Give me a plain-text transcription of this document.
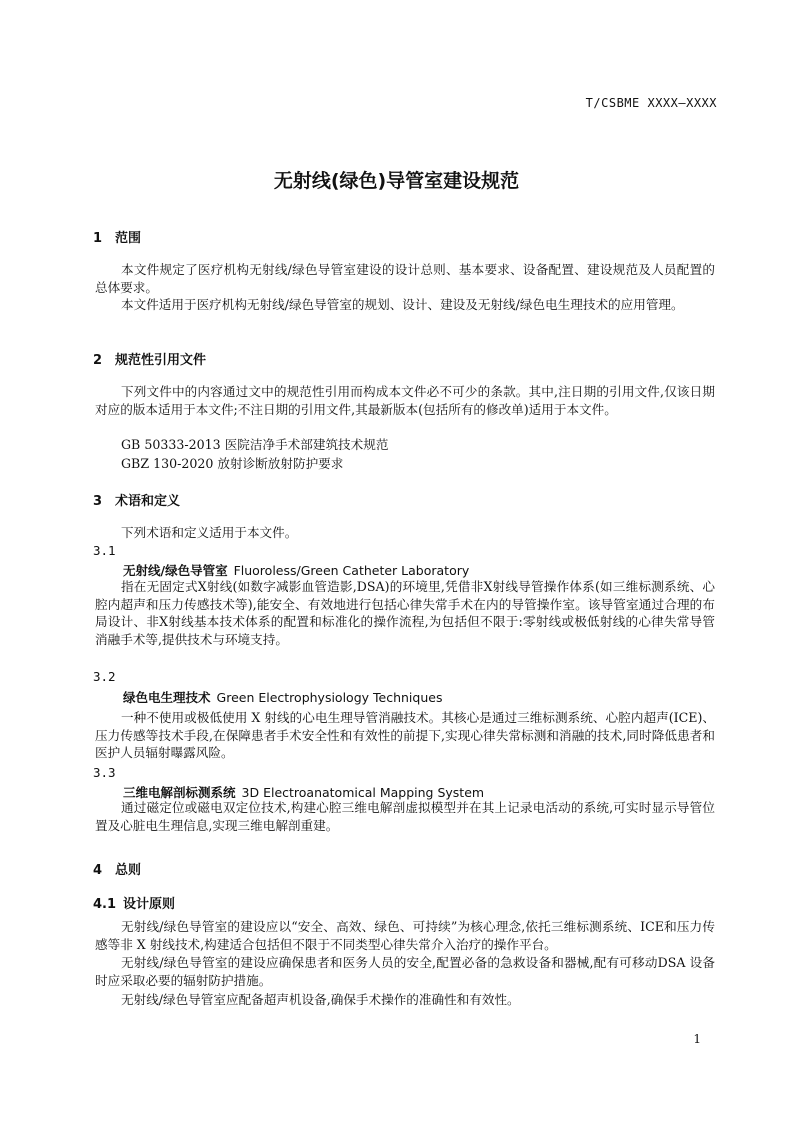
T/CSBME XXXX—XXXX
无射线(绿色)导管室建设规范
1 范围
本文件规定了医疗机构无射线/绿色导管室建设的设计总则、基本要求、设备配置、建设规范及人员配置的总体要求。
本文件适用于医疗机构无射线/绿色导管室的规划、设计、建设及无射线/绿色电生理技术的应用管理。
2 规范性引用文件
下列文件中的内容通过文中的规范性引用而构成本文件必不可少的条款。其中,注日期的引用文件,仅该日期对应的版本适用于本文件;不注日期的引用文件,其最新版本(包括所有的修改单)适用于本文件。
GB 50333-2013 医院洁净手术部建筑技术规范
GBZ 130-2020 放射诊断放射防护要求
3 术语和定义
下列术语和定义适用于本文件。
3.1
无射线/绿色导管室 Fluoroless/Green Catheter Laboratory
指在无固定式X射线(如数字减影血管造影,DSA)的环境里,凭借非X射线导管操作体系(如三维标测系统、心腔内超声和压力传感技术等),能安全、有效地进行包括心律失常手术在内的导管操作室。该导管室通过合理的布局设计、非X射线基本技术体系的配置和标准化的操作流程,为包括但不限于:零射线或极低射线的心律失常导管消融手术等,提供技术与环境支持。
3.2
绿色电生理技术 Green Electrophysiology Techniques
一种不使用或极低使用 X 射线的心电生理导管消融技术。其核心是通过三维标测系统、心腔内超声(ICE)、压力传感等技术手段,在保障患者手术安全性和有效性的前提下,实现心律失常标测和消融的技术,同时降低患者和医护人员辐射曝露风险。
3.3
三维电解剖标测系统 3D Electroanatomical Mapping System
通过磁定位或磁电双定位技术,构建心腔三维电解剖虚拟模型并在其上记录电活动的系统,可实时显示导管位置及心脏电生理信息,实现三维电解剖重建。
4 总则
4.1 设计原则
无射线/绿色导管室的建设应以“安全、高效、绿色、可持续”为核心理念,依托三维标测系统、ICE和压力传感等非 X 射线技术,构建适合包括但不限于不同类型心律失常介入治疗的操作平台。
无射线/绿色导管室的建设应确保患者和医务人员的安全,配置必备的急救设备和器械,配有可移动DSA 设备时应采取必要的辐射防护措施。
无射线/绿色导管室应配备超声机设备,确保手术操作的准确性和有效性。
1
